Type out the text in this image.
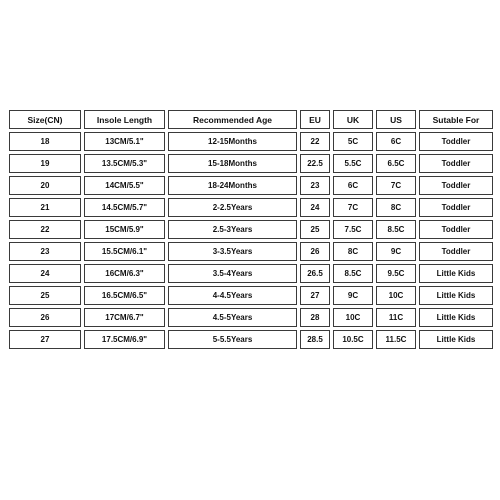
Size(CN)	Insole Length	Recommended Age	EU	UK	US	Sutable For
18	13CM/5.1"	12-15Months	22	5C	6C	Toddler
19	13.5CM/5.3"	15-18Months	22.5	5.5C	6.5C	Toddler
20	14CM/5.5"	18-24Months	23	6C	7C	Toddler
21	14.5CM/5.7"	2-2.5Years	24	7C	8C	Toddler
22	15CM/5.9"	2.5-3Years	25	7.5C	8.5C	Toddler
23	15.5CM/6.1"	3-3.5Years	26	8C	9C	Toddler
24	16CM/6.3"	3.5-4Years	26.5	8.5C	9.5C	Little Kids
25	16.5CM/6.5"	4-4.5Years	27	9C	10C	Little Kids
26	17CM/6.7"	4.5-5Years	28	10C	11C	Little Kids
27	17.5CM/6.9"	5-5.5Years	28.5	10.5C	11.5C	Little Kids
